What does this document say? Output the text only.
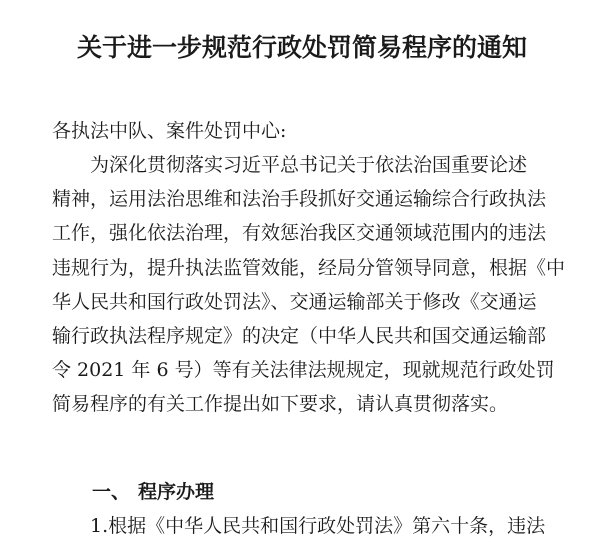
关于进一步规范行政处罚简易程序的通知
各执法中队、案件处罚中心:
为深化贯彻落实习近平总书记关于依法治国重要论述
精神，运用法治思维和法治手段抓好交通运输综合行政执法
工作，强化依法治理，有效惩治我区交通领域范围内的违法
违规行为，提升执法监管效能，经局分管领导同意，根据《中
华人民共和国行政处罚法》、交通运输部关于修改《交通运
输行政执法程序规定》的决定（中华人民共和国交通运输部
令 2021 年 6 号）等有关法律法规规定，现就规范行政处罚
简易程序的有关工作提出如下要求，请认真贯彻落实。
一、 程序办理
1.根据《中华人民共和国行政处罚法》第六十条，违法
